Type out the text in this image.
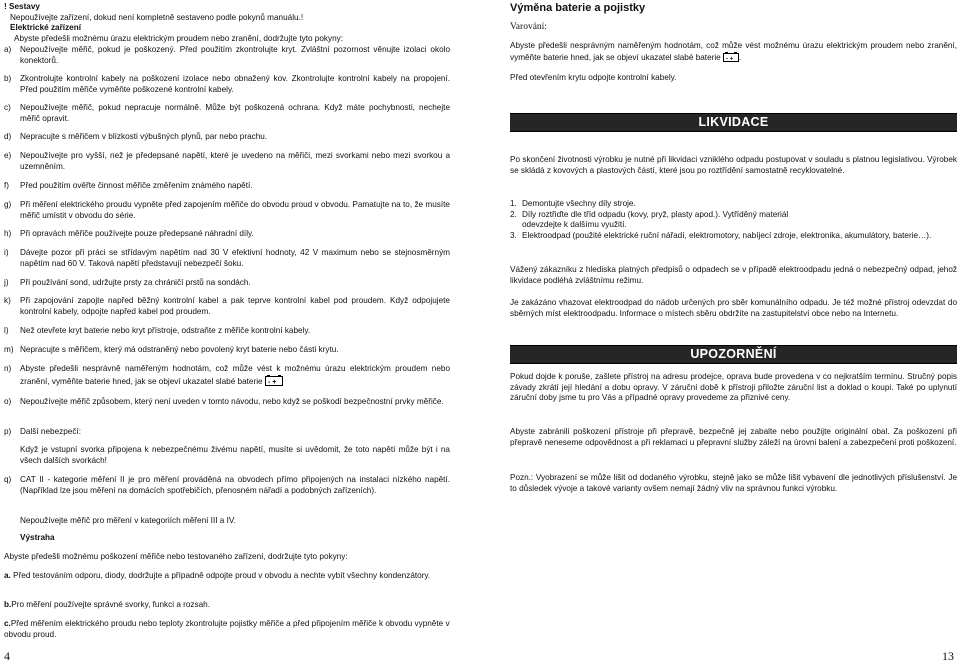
! Sestavy

Nepoužívejte zařízení, dokud není kompletně sestaveno podle pokynů manuálu.!

Elektrické zařízení

Abyste předešli možnému úrazu elektrickým proudem nebo zranění, dodržujte tyto pokyny:

a)	Nepoužívejte měřič, pokud je poškozený. Před použitím zkontrolujte kryt. Zvláštní pozornost věnujte izolaci okolo konektorů.
b)	Zkontrolujte kontrolní kabely na poškození izolace nebo obnažený kov. Zkontrolujte kontrolní kabely na propojení. Před použitím měřiče vyměňte poškozené kontrolní kabely.
c)	Nepoužívejte měřič, pokud nepracuje normálně. Může být poškozená ochrana. Když máte pochybnosti, nechejte měřič opravit.
d)	Nepracujte s měřičem v blízkosti výbušných plynů, par nebo prachu.
e)	Nepoužívejte pro vyšší, než je předepsané napětí, které je uvedeno na měřiči, mezi svorkami nebo mezi svorkou a uzemněním.
f)	Před použitím ověřte činnost měřiče změřením známého napětí.
g)	Při měření elektrického proudu vypněte před zapojením měřiče do obvodu proud v obvodu. Pamatujte na to, že musíte měřič umístit v obvodu do série.
h)	Při opravách měřiče používejte pouze předepsané náhradní díly.
i)	Dávejte pozor při práci se střídavým napětím nad 30 V efektivní hodnoty, 42 V maximum nebo se stejnosměrným napětím nad 60 V. Taková napětí představují nebezpečí šoku.
j)	Při používání sond, udržujte prsty za chráničí prstů na sondách.
k)	Při zapojování zapojte napřed běžný kontrolní kabel a pak teprve kontrolní kabel pod proudem. Když odpojujete kontrolní kabely, odpojte napřed kabel pod proudem.
l)	Než otevřete kryt baterie nebo kryt přístroje, odstraňte z měřiče kontrolní kabely.
m) Nepracujte s měřičem, který má odstraněný nebo povolený kryt baterie nebo části krytu.
n)	Abyste předešli nesprávně naměřeným hodnotám, což může vést k možnému úrazu elektrickým proudem nebo zranění, vyměňte baterie hned, jak se objeví ukazatel slabé baterie - +
o)	Nepoužívejte měřič způsobem, který není uveden v tomto návodu, nebo když se poškodí bezpečnostní prvky měřiče.
p)	Další nebezpečí:
Když je vstupní svorka připojena k nebezpečnému živému napětí, musíte si uvědomit, že toto napětí může být i na všech dalších svorkách!
q)	CAT II - kategorie měření II je pro měření prováděná na obvodech přímo připojených na instalaci nízkého napětí. (Například lze jsou měření na domácích spotřebičích, přenosném nářadí a podobných zařízeních).
Nepoužívejte měřič pro měření v kategoriích měření III a IV.
Výstraha

Abyste předešli možnému poškození měřiče nebo testovaného zařízení, dodržujte tyto pokyny:

a. Před testováním odporu, diody, dodržujte a případně odpojte proud v obvodu a nechte vybít všechny kondenzátory.
b.Pro měření používejte správné svorky, funkci a rozsah.
c.Před měřením elektrického proudu nebo teploty zkontrolujte pojistky měřiče a před připojením měřiče k obvodu vypněte v obvodu proud.
4

Výměna baterie a pojistky

Varování:

Abyste předešli nesprávným naměřeným hodnotám, což může vést možnému úrazu elektrickým proudem nebo zranění, vyměňte baterie hned, jak se objeví ukazatel slabé baterie - + .

Před otevřením krytu odpojte kontrolní kabely.

LIKVIDACE

Po skončení životnosti výrobku je nutné při likvidaci vzniklého odpadu postupovat v souladu s platnou legislativou. Výrobek se skládá z kovových a plastových částí, které jsou po roztřídění samostatně recyklovatelné.

1. Demontujte všechny díly stroje.
2. Díly roztřiďte dle tříd odpadu (kovy, pryž, plasty apod.). Vytříděný materiál odevzdejte k dalšímu využití.
3. Elektroodpad (použité elektrické ruční nářadí, elektromotory, nabíjecí zdroje, elektronika, akumulátory, baterie…).

Vážený zákazníku z hlediska platných předpisů o odpadech se v případě elektroodpadu jedná o nebezpečný odpad, jehož likvidace podléhá zvláštnímu režimu.

Je zakázáno vhazovat elektroodpad do nádob určených pro sběr komunálního odpadu. Je též možné přístroj odevzdat do sběrných míst elektroodpadu. Informace o místech sběru obdržíte na zastupitelství obce nebo na Internetu.

UPOZORNĚNÍ

Pokud dojde k poruše, zašlete přístroj na adresu prodejce, oprava bude provedena v co nejkratším termínu. Stručný popis závady zkrátí její hledání a dobu opravy. V záruční době k přístroji přiložte záruční list a doklad o koupi. Také po uplynutí záruční doby jsme tu pro Vás a případné opravy provedeme za přiznivé ceny.

Abyste zabránili poškození přístroje při přepravě, bezpečně jej zabalte nebo použijte originální obal. Za poškození při přepravě neneseme odpovědnost a při reklamaci u přepravní služby záleží na úrovni balení a zabezpečení proti poškození.

Pozn.: Vyobrazení se může lišit od dodaného výrobku, stejně jako se může lišit vybavení dle jednotlivých příslušenství. Je to důsledek vývoje a takové varianty ovšem nemají žádný vliv na správnou funkci výrobku.

13
